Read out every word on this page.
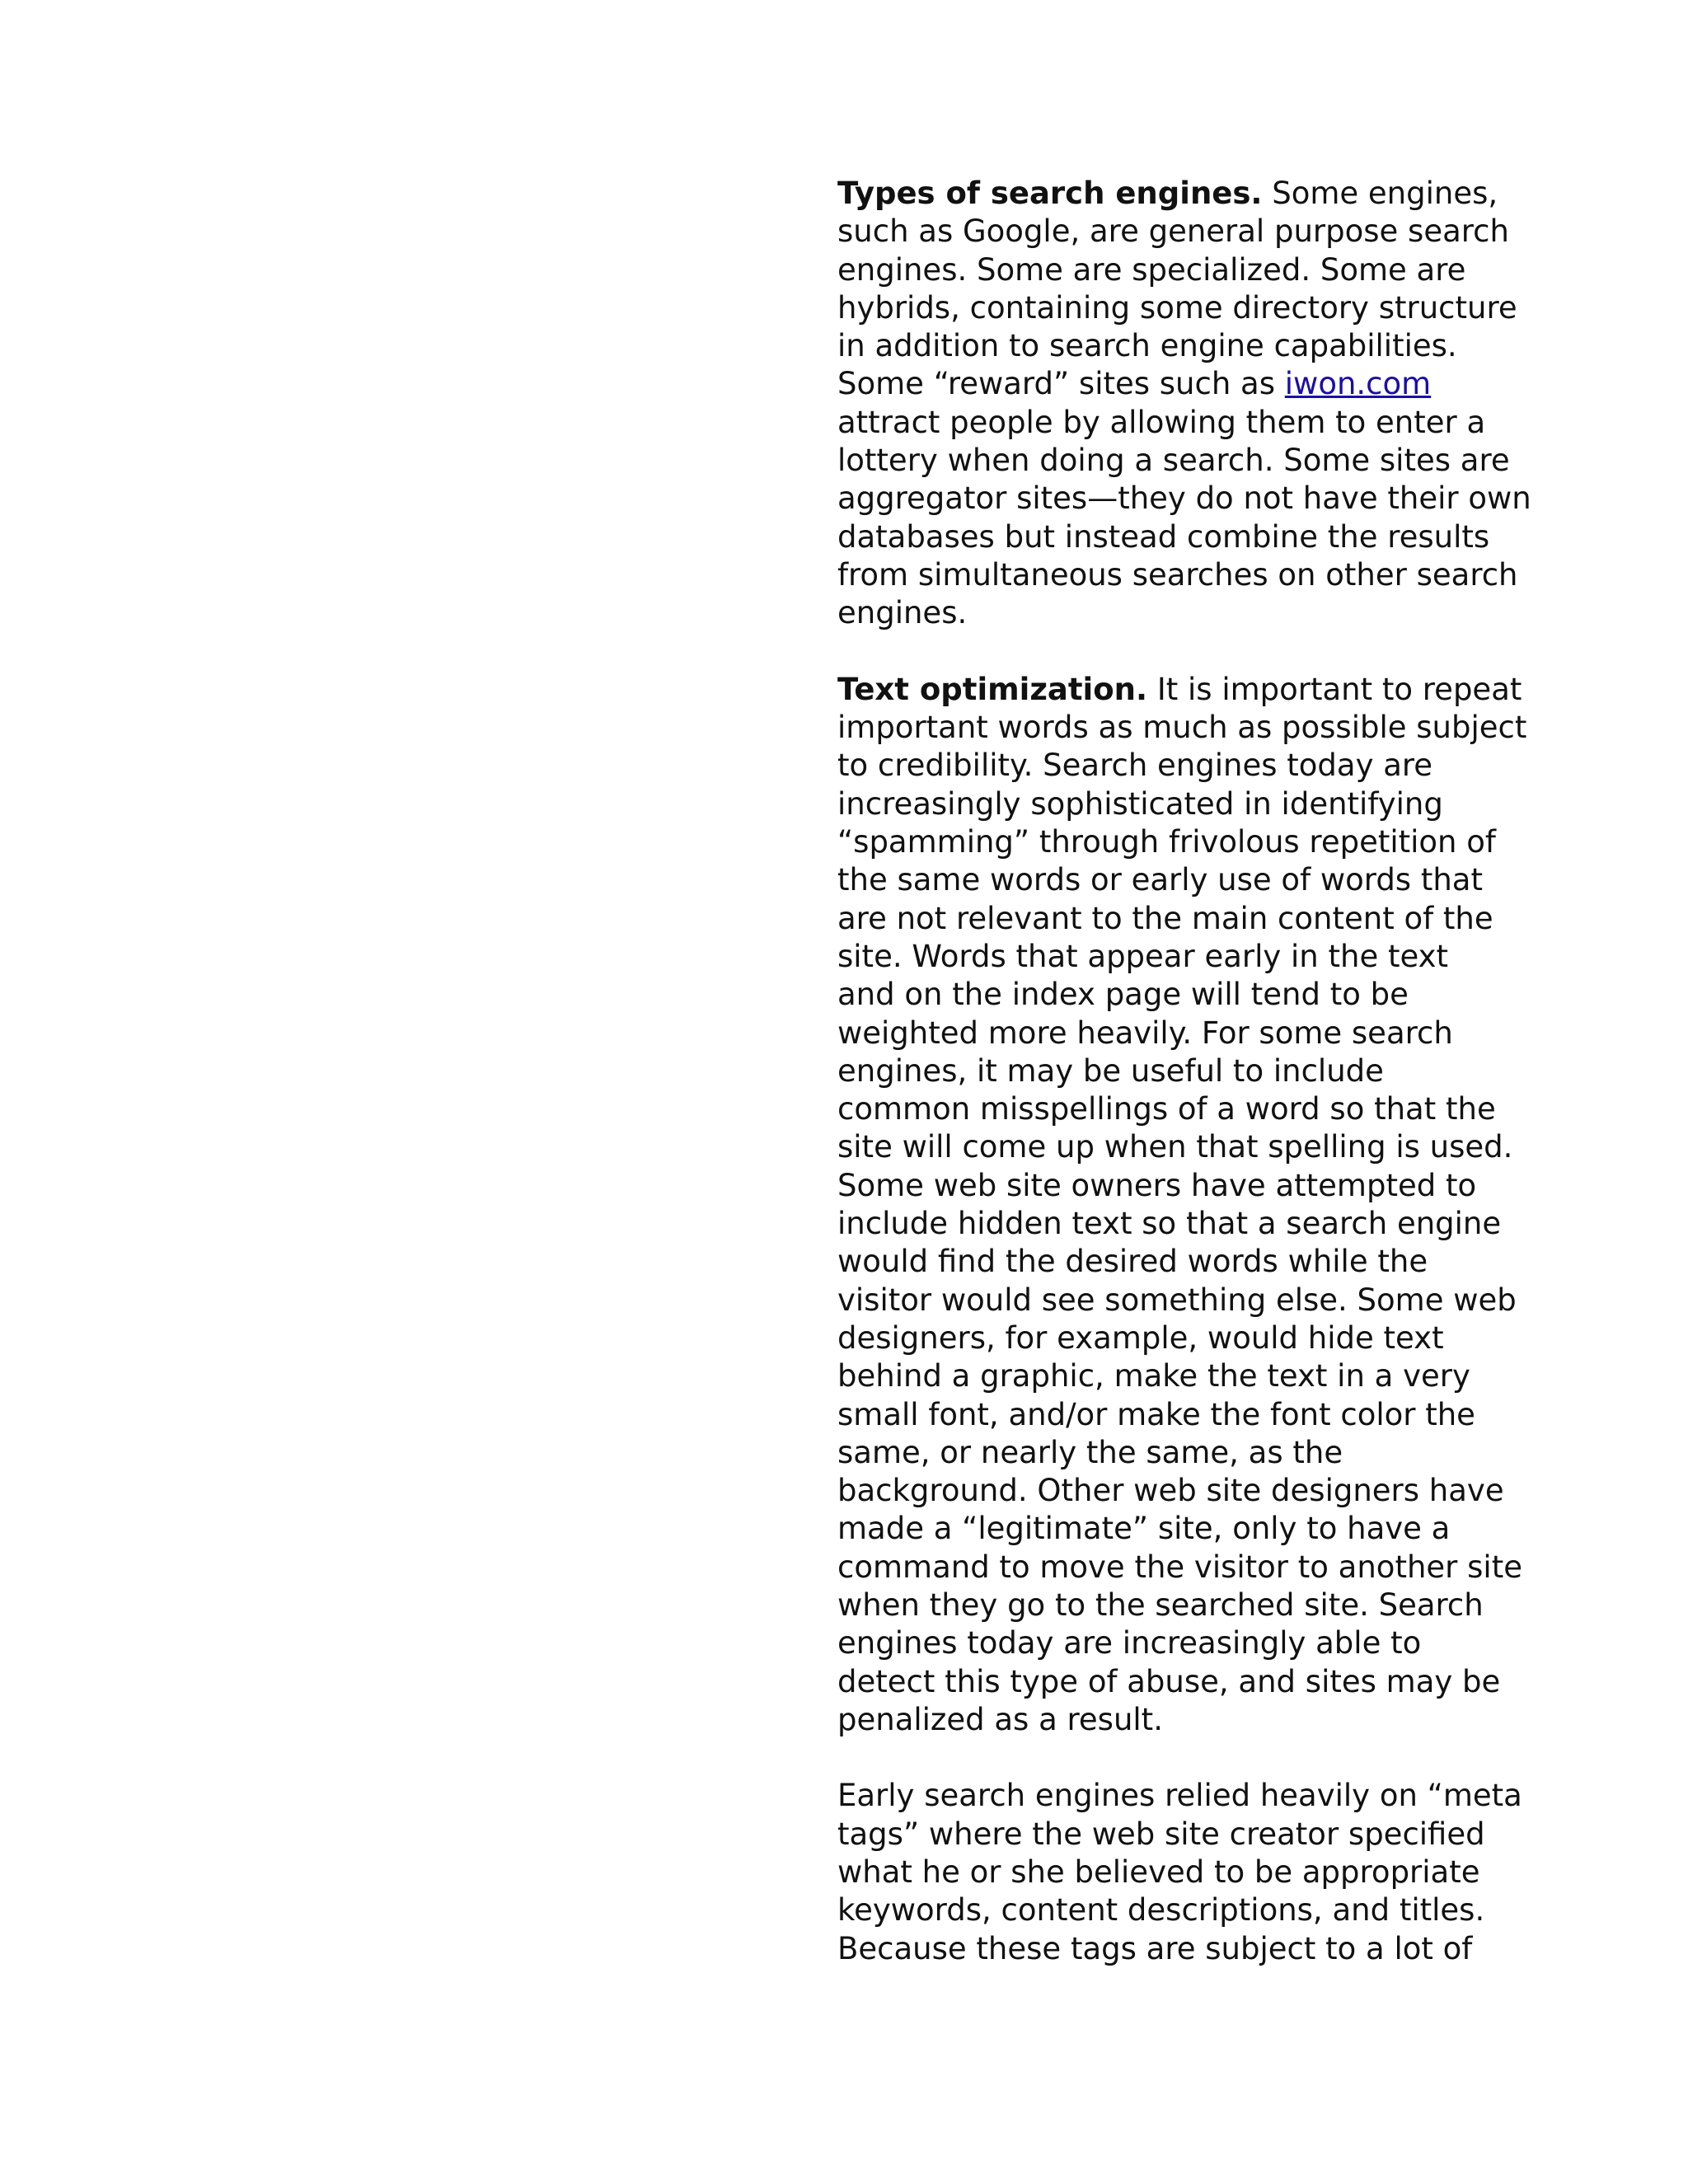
Types of search engines. Some engines,
such as Google, are general purpose search
engines. Some are specialized. Some are
hybrids, containing some directory structure
in addition to search engine capabilities.
Some “reward” sites such as iwon.com
attract people by allowing them to enter a
lottery when doing a search. Some sites are
aggregator sites—they do not have their own
databases but instead combine the results
from simultaneous searches on other search
engines.
Text optimization. It is important to repeat
important words as much as possible subject
to credibility. Search engines today are
increasingly sophisticated in identifying
“spamming” through frivolous repetition of
the same words or early use of words that
are not relevant to the main content of the
site. Words that appear early in the text
and on the index page will tend to be
weighted more heavily. For some search
engines, it may be useful to include
common misspellings of a word so that the
site will come up when that spelling is used.
Some web site owners have attempted to
include hidden text so that a search engine
would find the desired words while the
visitor would see something else. Some web
designers, for example, would hide text
behind a graphic, make the text in a very
small font, and/or make the font color the
same, or nearly the same, as the
background. Other web site designers have
made a “legitimate” site, only to have a
command to move the visitor to another site
when they go to the searched site. Search
engines today are increasingly able to
detect this type of abuse, and sites may be
penalized as a result.
Early search engines relied heavily on “meta
tags” where the web site creator specified
what he or she believed to be appropriate
keywords, content descriptions, and titles.
Because these tags are subject to a lot of
